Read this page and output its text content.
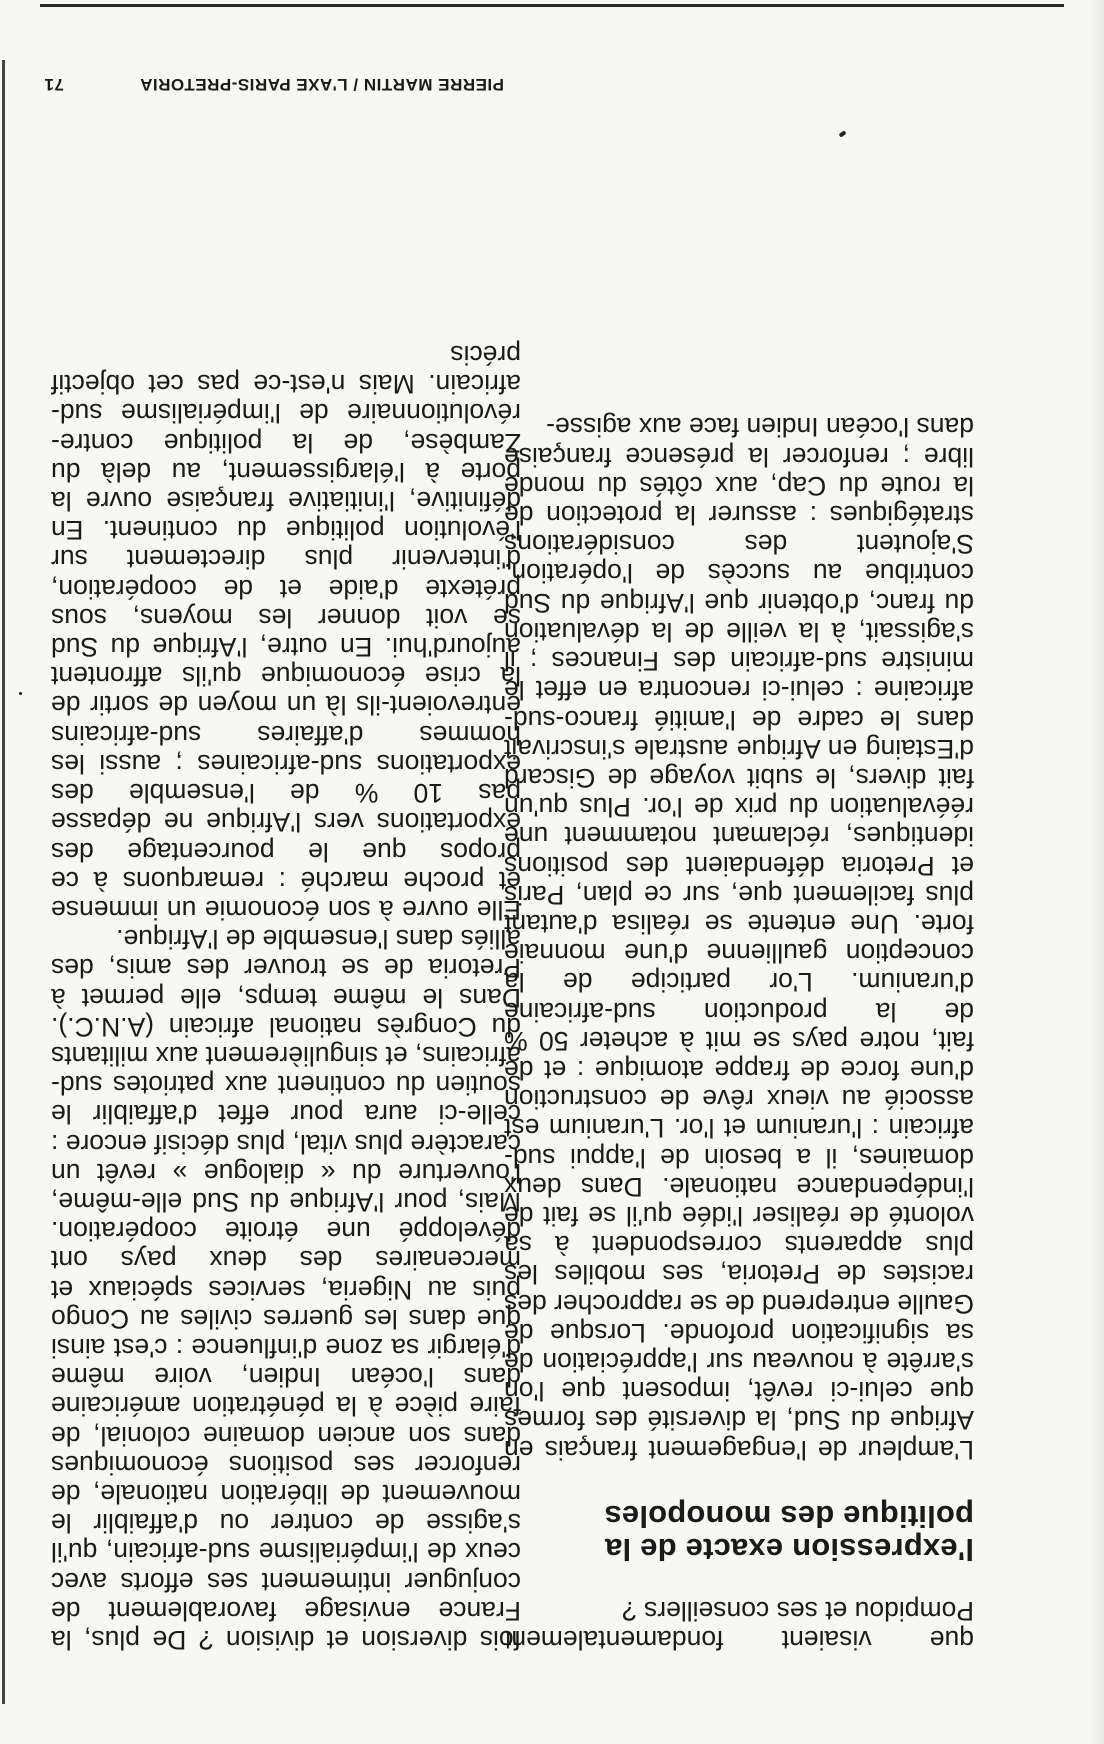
que visaient fondamentalement Pompidou et ses conseillers ?

l'expression exacte de la politique des monopoles

L'ampleur de l'engagement français en Afrique du Sud, la diversité des formes que celui-ci revêt, imposent que l'on s'arrête à nouveau sur l'appréciation de sa signification profonde. Lorsque de Gaulle entreprend de se rapprocher des racistes de Pretoria, ses mobiles les plus apparents correspondent à sa volonté de réaliser l'idée qu'il se fait de l'indépendance nationale. Dans deux domaines, il a besoin de l'appui sud-africain : l'uranium et l'or. L'uranium est associé au vieux rêve de construction d'une force de frappe atomique : et de fait, notre pays se mit à acheter 50 % de la production sud-africaine d'uranium. L'or participe de la conception gaullienne d'une monnaie forte. Une entente se réalisa d'autant plus facilement que, sur ce plan, Paris et Pretoria défendaient des positions identiques, réclamant notamment une réévaluation du prix de l'or. Plus qu'un fait divers, le subit voyage de Giscard d'Estaing en Afrique australe s'inscrivait dans le cadre de l'amitié franco-sud-africaine : celui-ci rencontra en effet le ministre sud-africain des Finances ; il s'agissait, à la veille de la dévaluation du franc, d'obtenir que l'Afrique du Sud contribue au succès de l'opération. S'ajoutent des considérations stratégiques : assurer la protection de la route du Cap, aux côtés du monde libre ; renforcer la présence française dans l'océan Indien face aux agisse-

fois diversion et division ? De plus, la France envisage favorablement de conjuguer intimement ses efforts avec ceux de l'impérialisme sud-africain, qu'il s'agisse de contrer ou d'affaiblir le mouvement de libération nationale, de renforcer ses positions économiques dans son ancien domaine colonial, de faire pièce à la pénétration américaine dans l'océan Indien, voire même d'élargir sa zone d'influence : c'est ainsi que dans les guerres civiles au Congo puis au Nigeria, services spéciaux et mercenaires des deux pays ont développé une étroite coopération. Mais, pour l'Afrique du Sud elle-même, l'ouverture du « dialogue » revêt un caractère plus vital, plus décisif encore : celle-ci aura pour effet d'affaiblir le soutien du continent aux patriotes sud-africains, et singulièrement aux militants du Congrès national africain (A.N.C.). Dans le même temps, elle permet à Pretoria de se trouver des amis, des alliés dans l'ensemble de l'Afrique.

Elle ouvre à son économie un immense et proche marché : remarquons à ce propos que le pourcentage des exportations vers l'Afrique ne dépasse pas 10 % de l'ensemble des exportations sud-africaines ; aussi les hommes d'affaires sud-africains entrevoient-ils là un moyen de sortir de la crise économique qu'ils affrontent aujourd'hui. En outre, l'Afrique du Sud se voit donner les moyens, sous prétexte d'aide et de coopération, d'intervenir plus directement sur l'évolution politique du continent. En définitive, l'initiative française ouvre la porte à l'élargissement, au delà du Zambèse, de la politique contre-révolutionnaire de l'impérialisme sud-africain. Mais n'est-ce pas cet objectif précis

PIERRE MARTIN / L'AXE PARIS-PRETORIA
71
